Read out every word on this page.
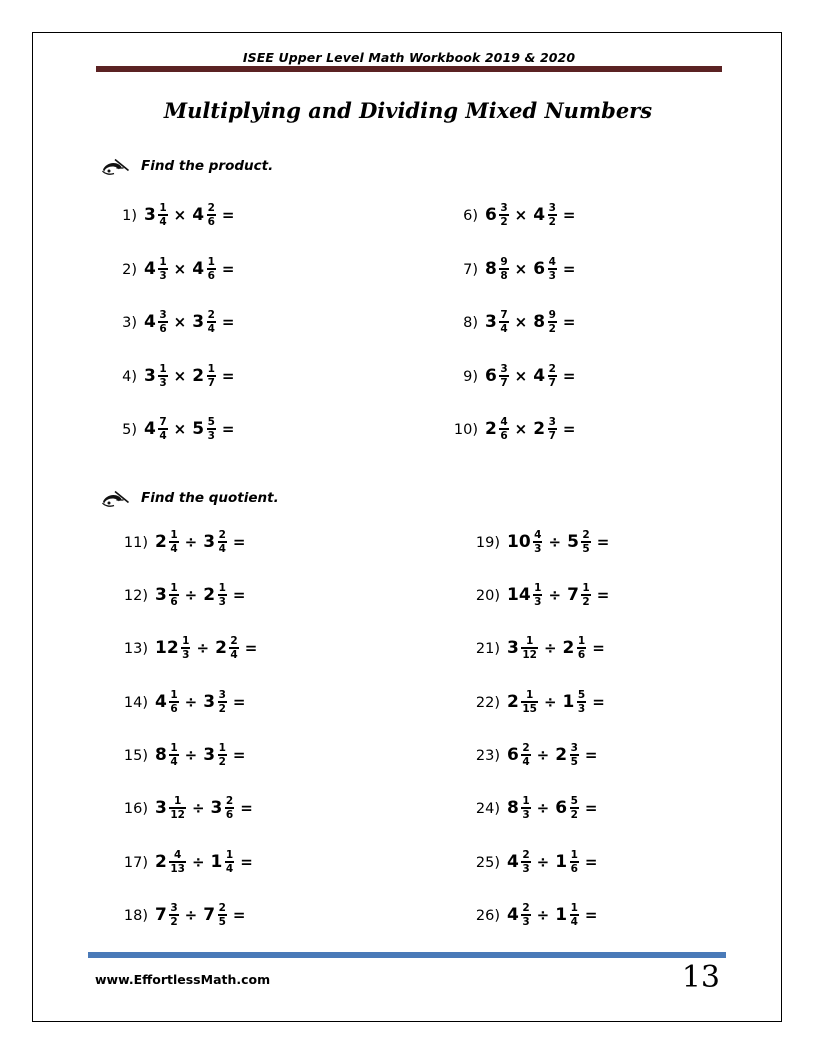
ISEE Upper Level Math Workbook 2019 & 2020
Multiplying and Dividing Mixed Numbers
Find the product.
Find the quotient.
1) $3 \frac{1}{4} \times 4 \frac{2}{6}$ =
2) $4 \frac{1}{3} \times 4 \frac{1}{6}$ =
3) $4 \frac{3}{6} \times 3 \frac{2}{4}$ =
4) $3 \frac{1}{3} \times 2 \frac{1}{7}$ =
5) $4 \frac{7}{4} \times 5 \frac{5}{3}$ =
6) $6 \frac{3}{2} \times 4 \frac{3}{2}$ =
7) $8 \frac{9}{8} \times 6 \frac{4}{3}$ =
8) $3 \frac{7}{4} \times 8 \frac{9}{2}$ =
9) $6 \frac{3}{7} \times 4 \frac{2}{7}$ =
10) $2 \frac{4}{6} \times 2 \frac{3}{7}$ =
11) $2 \frac{1}{4} \div 3 \frac{2}{4}$ =
12) $3 \frac{1}{6} \div 2 \frac{1}{3}$ =
13) $12 \frac{1}{3} \div 2 \frac{2}{4}$ =
14) $4 \frac{1}{6} \div 3 \frac{3}{2}$ =
15) $8 \frac{1}{4} \div 3 \frac{1}{2}$ =
16) $3 \frac{1}{12} \div 3 \frac{2}{6}$ =
17) $2 \frac{4}{13} \div 1 \frac{1}{4}$ =
18) $7 \frac{3}{2} \div 7 \frac{2}{5}$ =
19) $10 \frac{4}{3} \div 5 \frac{2}{5}$ =
20) $14 \frac{1}{3} \div 7 \frac{1}{2}$ =
21) $3 \frac{1}{12} \div 2 \frac{1}{6}$ =
22) $2 \frac{1}{15} \div 1 \frac{5}{3}$ =
23) $6 \frac{2}{4} \div 2 \frac{3}{5}$ =
24) $8 \frac{1}{3} \div 6 \frac{5}{2}$ =
25) $4 \frac{2}{3} \div 1 \frac{1}{6}$ =
26) $4 \frac{2}{3} \div 1 \frac{1}{4}$ =
www.EffortlessMath.com	13
